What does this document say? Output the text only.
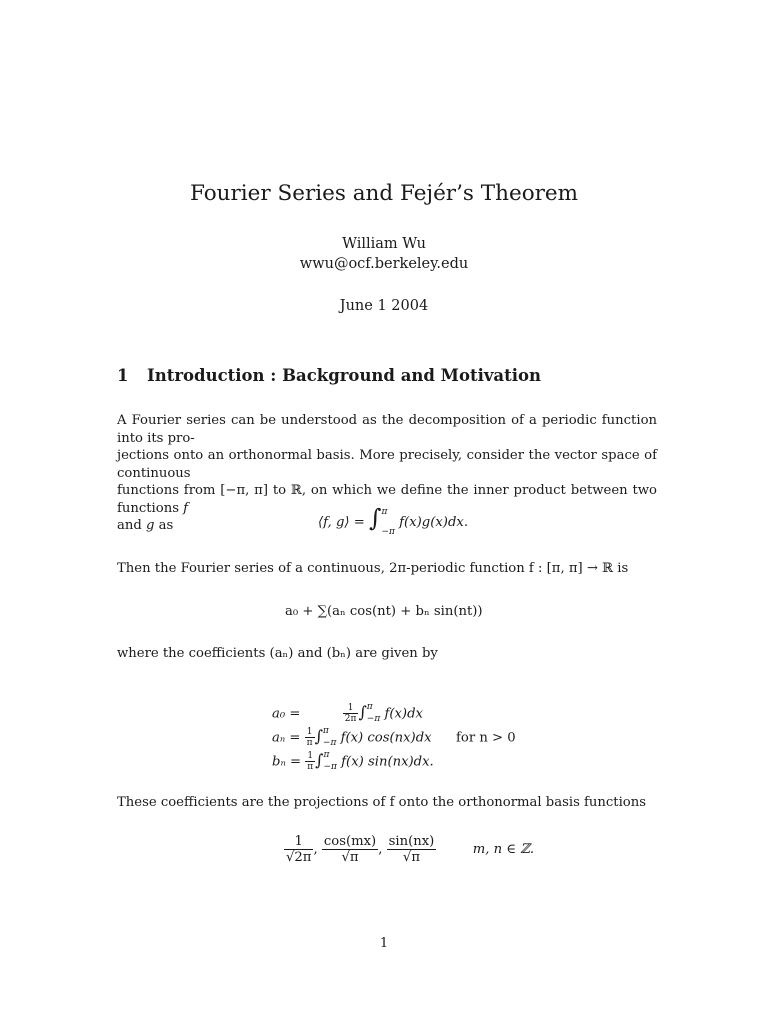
Fourier Series and Fejér’s Theorem
William Wu
wwu@ocf.berkeley.edu
June 1 2004
1 Introduction : Background and Motivation
A Fourier series can be understood as the decomposition of a periodic function into its pro-
jections onto an orthonormal basis. More precisely, consider the vector space of continuous
functions from [−π, π] to ℝ, on which we define the inner product between two functions f
and g as	⟨f, g⟩ = ∫ π
−π
f(x)g(x)dx.
Then the Fourier series of a continuous, 2π-periodic function f : [π, π] → ℝ is
a₀ + ∑(aₙ cos(nt) + bₙ sin(nt))
where the coefficients (aₙ) and (bₙ) are given by
a₀ =	$\frac{1}{2\pi}$ ∫ π
−π f(x)dx
$a_n = \frac{1}{\pi}$ ∫ π
−π f(x) cos(nx)dx for n > 0
$b_n = \frac{1}{\pi}$ ∫ π
−π f(x) sin(nx)dx.
These coefficients are the projections of f onto the orthonormal basis functions
$\frac{1}{√2\pi}$ , $\frac{\cos(mx)}{√\pi}$ , $\frac{\sin(nx)}{√\pi}$	m, n ∈ ℤ.
1
